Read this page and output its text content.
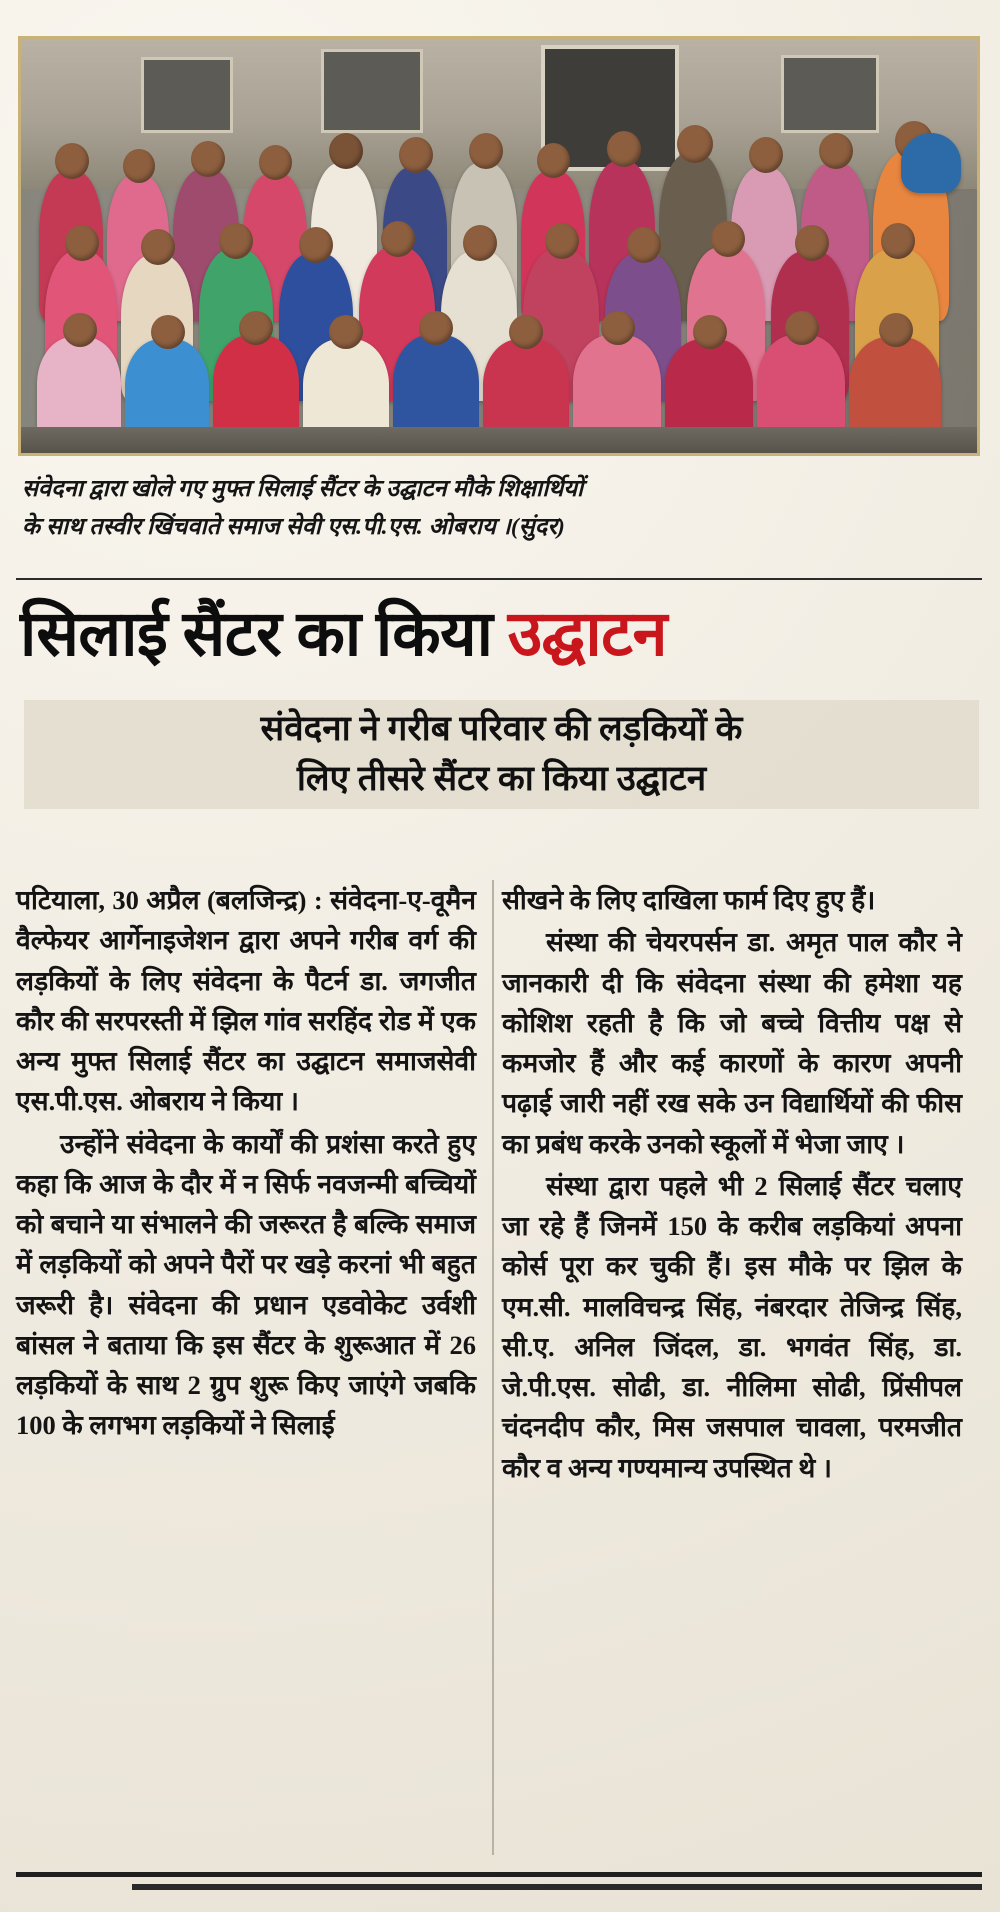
संवेदना द्वारा खोले गए मुफ्त सिलाई सैंटर के उद्घाटन मौके शिक्षार्थियों
के साथ तस्वीर खिंचवाते समाज सेवी एस.पी.एस. ओबराय ।(सुंदर)
सिलाई सैंटर का किया उद्घाटन
संवेदना ने गरीब परिवार की लड़कियों के
लिए तीसरे सैंटर का किया उद्घाटन

पटियाला, 30 अप्रैल (बलजिन्द्र) : संवेदना-ए-वूमैन वैल्फेयर आर्गेनाइजेशन द्वारा अपने गरीब वर्ग की लड़कियों के लिए संवेदना के पैटर्न डा. जगजीत कौर की सरपरस्ती में झिल गांव सरहिंद रोड में एक अन्य मुफ्त सिलाई सैंटर का उद्घाटन समाजसेवी एस.पी.एस. ओबराय ने किया ।

उन्होंने संवेदना के कार्यों की प्रशंसा करते हुए कहा कि आज के दौर में न सिर्फ नवजन्मी बच्चियों को बचाने या संभालने की जरूरत है बल्कि समाज में लड़कियों को अपने पैरों पर खड़े करनां भी बहुत जरूरी है। संवेदना की प्रधान एडवोकेट उर्वशी बांसल ने बताया कि इस सैंटर के शुरूआत में 26 लड़कियों के साथ 2 ग्रुप शुरू किए जाएंगे जबकि 100 के लगभग लड़कियों ने सिलाई

सीखने के लिए दाखिला फार्म दिए हुए हैं।

संस्था की चेयरपर्सन डा. अमृत पाल कौर ने जानकारी दी कि संवेदना संस्था की हमेशा यह कोशिश रहती है कि जो बच्चे वित्तीय पक्ष से कमजोर हैं और कई कारणों के कारण अपनी पढ़ाई जारी नहीं रख सके उन विद्यार्थियों की फीस का प्रबंध करके उनको स्कूलों में भेजा जाए ।

संस्था द्वारा पहले भी 2 सिलाई सैंटर चलाए जा रहे हैं जिनमें 150 के करीब लड़कियां अपना कोर्स पूरा कर चुकी हैं। इस मौके पर झिल के एम.सी. मालविचन्द्र सिंह, नंबरदार तेजिन्द्र सिंह, सी.ए. अनिल जिंदल, डा. भगवंत सिंह, डा. जे.पी.एस. सोढी, डा. नीलिमा सोढी, प्रिंसीपल चंदनदीप कौर, मिस जसपाल चावला, परमजीत कौर व अन्य गण्यमान्य उपस्थित थे ।
